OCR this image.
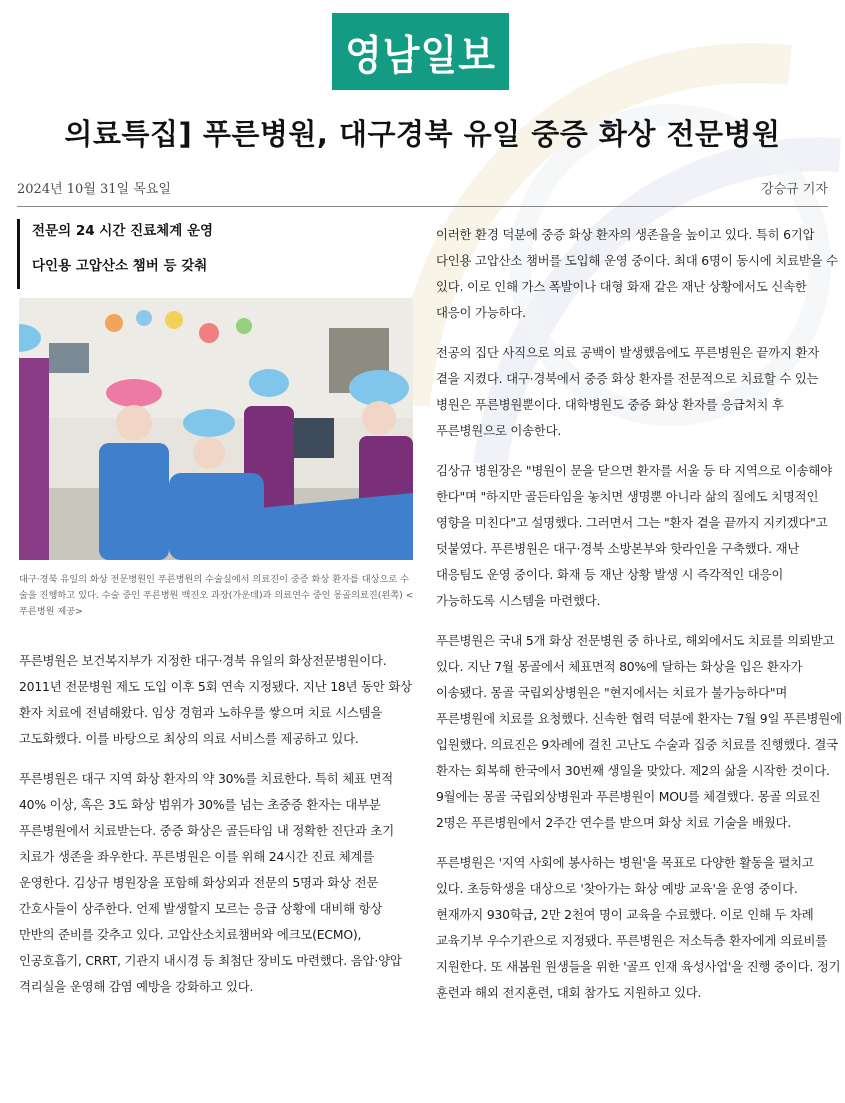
영남일보
의료특집] 푸른병원, 대구경북 유일 중증 화상 전문병원
2024년 10월 31일 목요일	강승규 기자
전문의 24 시간 진료체계 운영
다인용 고압산소 챔버 등 갖춰
대구·경북 유일의 화상 전문병원인 푸른병원의 수술실에서 의료진이 중증 화상 환자를 대상으로 수술을 진행하고 있다. 수술 중인 푸른병원 백진오 과장(가운데)과 의료연수 중인 몽골의료진(왼쪽) <푸른병원 제공>

푸른병원은 보건복지부가 지정한 대구·경북 유일의 화상전문병원이다. 2011년 전문병원 제도 도입 이후 5회 연속 지정됐다. 지난 18년 동안 화상 환자 치료에 전념해왔다. 임상 경험과 노하우를 쌓으며 치료 시스템을 고도화했다. 이를 바탕으로 최상의 의료 서비스를 제공하고 있다.

푸른병원은 대구 지역 화상 환자의 약 30%를 치료한다. 특히 체표 면적 40% 이상, 혹은 3도 화상 범위가 30%를 넘는 초중증 환자는 대부분 푸른병원에서 치료받는다. 중증 화상은 골든타임 내 정확한 진단과 초기 치료가 생존을 좌우한다. 푸른병원은 이를 위해 24시간 진료 체계를 운영한다. 김상규 병원장을 포함해 화상외과 전문의 5명과 화상 전문 간호사들이 상주한다. 언제 발생할지 모르는 응급 상황에 대비해 항상 만반의 준비를 갖추고 있다. 고압산소치료챔버와 에크모(ECMO), 인공호흡기, CRRT, 기관지 내시경 등 최첨단 장비도 마련했다. 음압·양압 격리실을 운영해 감염 예방을 강화하고 있다.

이러한 환경 덕분에 중증 화상 환자의 생존율을 높이고 있다. 특히 6기압 다인용 고압산소 챔버를 도입해 운영 중이다. 최대 6명이 동시에 치료받을 수 있다. 이로 인해 가스 폭발이나 대형 화재 같은 재난 상황에서도 신속한 대응이 가능하다.

전공의 집단 사직으로 의료 공백이 발생했음에도 푸른병원은 끝까지 환자 곁을 지켰다. 대구·경북에서 중증 화상 환자를 전문적으로 치료할 수 있는 병원은 푸른병원뿐이다. 대학병원도 중증 화상 환자를 응급처치 후 푸른병원으로 이송한다.

김상규 병원장은 "병원이 문을 닫으면 환자를 서울 등 타 지역으로 이송해야 한다"며 "하지만 골든타임을 놓치면 생명뿐 아니라 삶의 질에도 치명적인 영향을 미친다"고 설명했다. 그러면서 그는 "환자 곁을 끝까지 지키겠다"고 덧붙였다. 푸른병원은 대구·경북 소방본부와 핫라인을 구축했다. 재난 대응팀도 운영 중이다. 화재 등 재난 상황 발생 시 즉각적인 대응이 가능하도록 시스템을 마련했다.

푸른병원은 국내 5개 화상 전문병원 중 하나로, 해외에서도 치료를 의뢰받고 있다. 지난 7월 몽골에서 체표면적 80%에 달하는 화상을 입은 환자가 이송됐다. 몽골 국립외상병원은 "현지에서는 치료가 불가능하다"며 푸른병원에 치료를 요청했다. 신속한 협력 덕분에 환자는 7월 9일 푸른병원에 입원했다. 의료진은 9차례에 걸친 고난도 수술과 집중 치료를 진행했다. 결국 환자는 회복해 한국에서 30번째 생일을 맞았다. 제2의 삶을 시작한 것이다. 9월에는 몽골 국립외상병원과 푸른병원이 MOU를 체결했다. 몽골 의료진 2명은 푸른병원에서 2주간 연수를 받으며 화상 치료 기술을 배웠다.

푸른병원은 '지역 사회에 봉사하는 병원'을 목표로 다양한 활동을 펼치고 있다. 초등학생을 대상으로 '찾아가는 화상 예방 교육'을 운영 중이다. 현재까지 930학급, 2만 2천여 명이 교육을 수료했다. 이로 인해 두 차례 교육기부 우수기관으로 지정됐다. 푸른병원은 저소득층 환자에게 의료비를 지원한다. 또 새봄원 원생들을 위한 '골프 인재 육성사업'을 진행 중이다. 정기 훈련과 해외 전지훈련, 대회 참가도 지원하고 있다.
